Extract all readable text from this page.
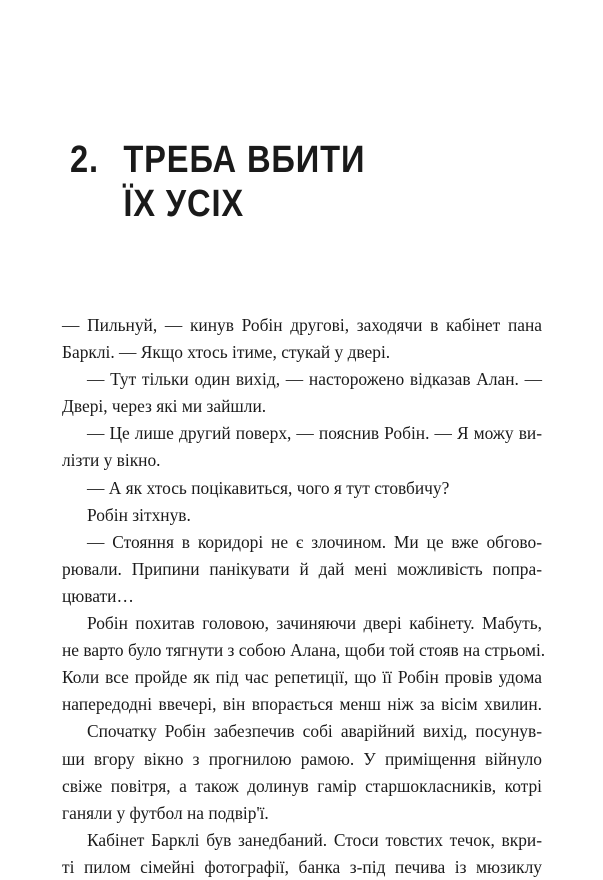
2. ТРЕБА ВБИТИ
ЇХ УСІХ
— Пильнуй, — кинув Робін другові, заходячи в кабінет пана
Барклі. — Якщо хтось ітиме, стукай у двері.
— Тут тільки один вихід, — насторожено відказав Алан. —
Двері, через які ми зайшли.
— Це лише другий поверх, — пояснив Робін. — Я можу ви-
лізти у вікно.
— А як хтось поцікавиться, чого я тут стовбичу?
Робін зітхнув.
— Стояння в коридорі не є злочином. Ми це вже обгово-
рювали. Припини панікувати й дай мені можливість попра-
цювати…
Робін похитав головою, зачиняючи двері кабінету. Мабуть,
не варто було тягнути з собою Алана, щоби той стояв на стрьомі.
Коли все пройде як під час репетиції, що її Робін провів удома
напередодні ввечері, він впорається менш ніж за вісім хвилин.
Спочатку Робін забезпечив собі аварійний вихід, посунув-
ши вгору вікно з прогнилою рамою. У приміщення війнуло
свіже повітря, а також долинув гамір старшокласників, котрі
ганяли у футбол на подвір'ї.
Кабінет Барклі був занедбаний. Стоси товстих течок, вкри-
ті пилом сімейні фотографії, банка з-під печива із мюзиклу
